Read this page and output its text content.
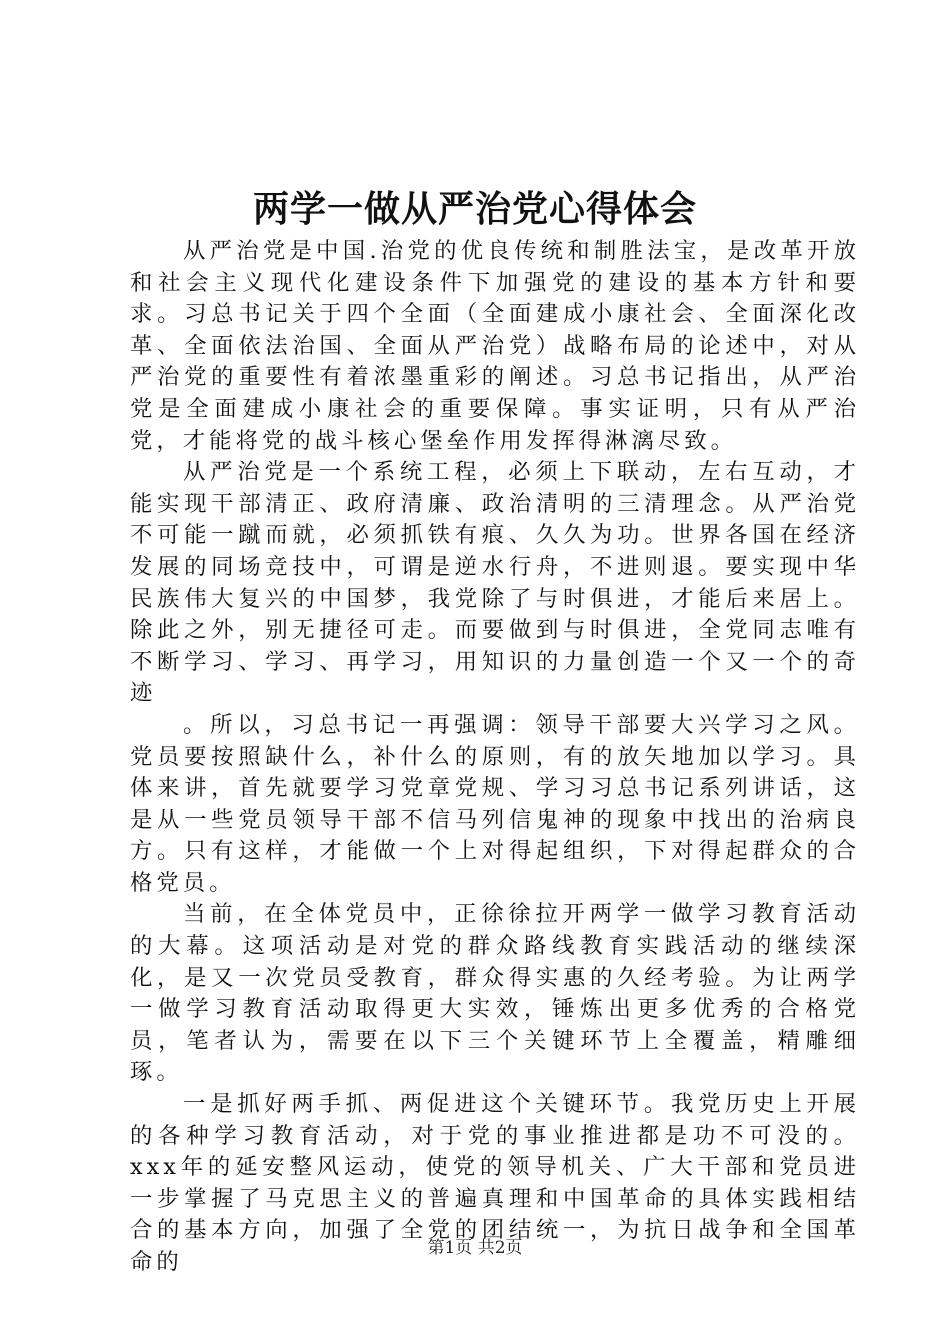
两学一做从严治党心得体会

从严治党是中国.治党的优良传统和制胜法宝，是改革开放和社会主义现代化建设条件下加强党的建设的基本方针和要求。习总书记关于四个全面（全面建成小康社会、全面深化改革、全面依法治国、全面从严治党）战略布局的论述中，对从严治党的重要性有着浓墨重彩的阐述。习总书记指出，从严治党是全面建成小康社会的重要保障。事实证明，只有从严治党，才能将党的战斗核心堡垒作用发挥得淋漓尽致。

从严治党是一个系统工程，必须上下联动，左右互动，才能实现干部清正、政府清廉、政治清明的三清理念。从严治党不可能一蹴而就，必须抓铁有痕、久久为功。世界各国在经济发展的同场竞技中，可谓是逆水行舟，不进则退。要实现中华民族伟大复兴的中国梦，我党除了与时俱进，才能后来居上。除此之外，别无捷径可走。而要做到与时俱进，全党同志唯有不断学习、学习、再学习，用知识的力量创造一个又一个的奇迹

。所以，习总书记一再强调：领导干部要大兴学习之风。党员要按照缺什么，补什么的原则，有的放矢地加以学习。具体来讲，首先就要学习党章党规、学习习总书记系列讲话，这是从一些党员领导干部不信马列信鬼神的现象中找出的治病良方。只有这样，才能做一个上对得起组织，下对得起群众的合格党员。

当前，在全体党员中，正徐徐拉开两学一做学习教育活动的大幕。这项活动是对党的群众路线教育实践活动的继续深化，是又一次党员受教育，群众得实惠的久经考验。为让两学一做学习教育活动取得更大实效，锤炼出更多优秀的合格党员，笔者认为，需要在以下三个关键环节上全覆盖，精雕细琢。

一是抓好两手抓、两促进这个关键环节。我党历史上开展的各种学习教育活动，对于党的事业推进都是功不可没的。xxx年的延安整风运动，使党的领导机关、广大干部和党员进一步掌握了马克思主义的普遍真理和中国革命的具体实践相结合的基本方向，加强了全党的团结统一，为抗日战争和全国革命的

第1页 共2页
